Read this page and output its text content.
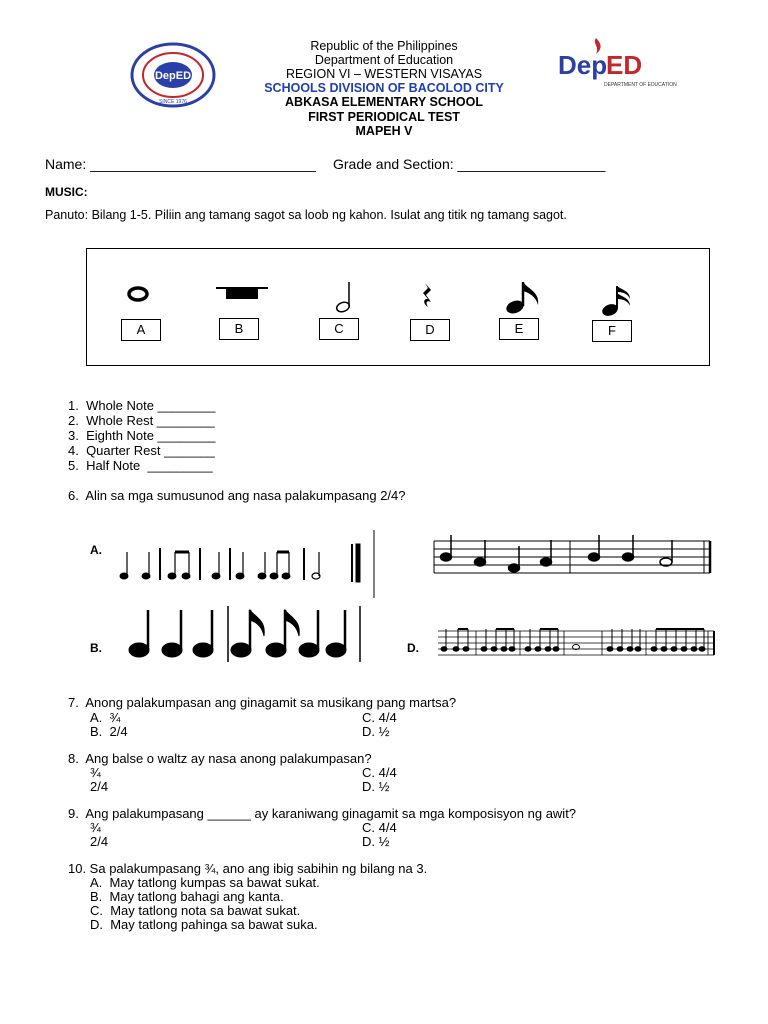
DepED
SINCE 1976
Republic of the Philippines
Department of Education
REGION VI – WESTERN VISAYAS
SCHOOLS DIVISION OF BACOLOD CITY
ABKASA ELEMENTARY SCHOOL
FIRST PERIODICAL TEST
MAPEH V
Dep
ED
DEPARTMENT OF EDUCATION
Name: _____________________________ Grade and Section: ___________________
MUSIC:
Panuto: Bilang 1-5. Piliin ang tamang sagot sa loob ng kahon. Isulat ang titik ng tamang sagot.
A	B	C	D	E	F
1.  Whole Note ________
2.  Whole Rest ________
3.  Eighth Note ________
4.  Quarter Rest _______
5.  Half Note  _________
6.  Alin sa mga sumusunod ang nasa palakumpasang 2/4?
A.
B.	D.
7.  Anong palakumpasan ang ginagamit sa musikang pang martsa?
A.  ¾	C. 4/4
B.  2/4	D. ½
8.  Ang balse o waltz ay nasa anong palakumpasan?
¾	C. 4/4
2/4	D. ½
9.  Ang palakumpasang ______ ay karaniwang ginagamit sa mga komposisyon ng awit?
¾	C. 4/4
2/4	D. ½
10. Sa palakumpasang ¾, ano ang ibig sabihin ng bilang na 3.
A.  May tatlong kumpas sa bawat sukat.
B.  May tatlong bahagi ang kanta.
C.  May tatlong nota sa bawat sukat.
D.  May tatlong pahinga sa bawat suka.
